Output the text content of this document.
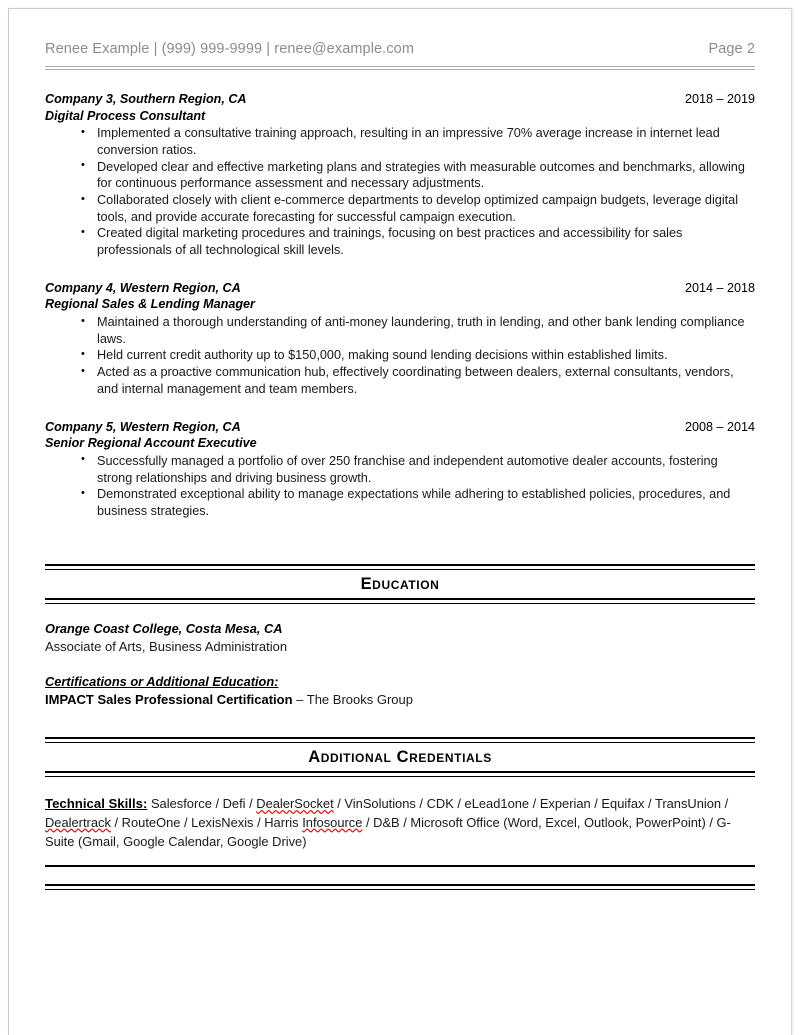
Renee Example | (999) 999-9999 | renee@example.com	Page 2
Company 3, Southern Region, CA	2018 – 2019
Digital Process Consultant
• Implemented a consultative training approach, resulting in an impressive 70% average increase in internet lead conversion ratios.
• Developed clear and effective marketing plans and strategies with measurable outcomes and benchmarks, allowing for continuous performance assessment and necessary adjustments.
• Collaborated closely with client e-commerce departments to develop optimized campaign budgets, leverage digital tools, and provide accurate forecasting for successful campaign execution.
• Created digital marketing procedures and trainings, focusing on best practices and accessibility for sales professionals of all technological skill levels.
Company 4, Western Region, CA	2014 – 2018
Regional Sales & Lending Manager
• Maintained a thorough understanding of anti-money laundering, truth in lending, and other bank lending compliance laws.
• Held current credit authority up to $150,000, making sound lending decisions within established limits.
• Acted as a proactive communication hub, effectively coordinating between dealers, external consultants, vendors, and internal management and team members.
Company 5, Western Region, CA	2008 – 2014
Senior Regional Account Executive
• Successfully managed a portfolio of over 250 franchise and independent automotive dealer accounts, fostering strong relationships and driving business growth.
• Demonstrated exceptional ability to manage expectations while adhering to established policies, procedures, and business strategies.
Education
Orange Coast College, Costa Mesa, CA
Associate of Arts, Business Administration
Certifications or Additional Education:
IMPACT Sales Professional Certification – The Brooks Group
Additional Credentials
Technical Skills: Salesforce / Defi / DealerSocket / VinSolutions / CDK / eLead1one / Experian / Equifax / TransUnion / Dealertrack / RouteOne / LexisNexis / Harris Infosource / D&B / Microsoft Office (Word, Excel, Outlook, PowerPoint) / G-Suite (Gmail, Google Calendar, Google Drive)
